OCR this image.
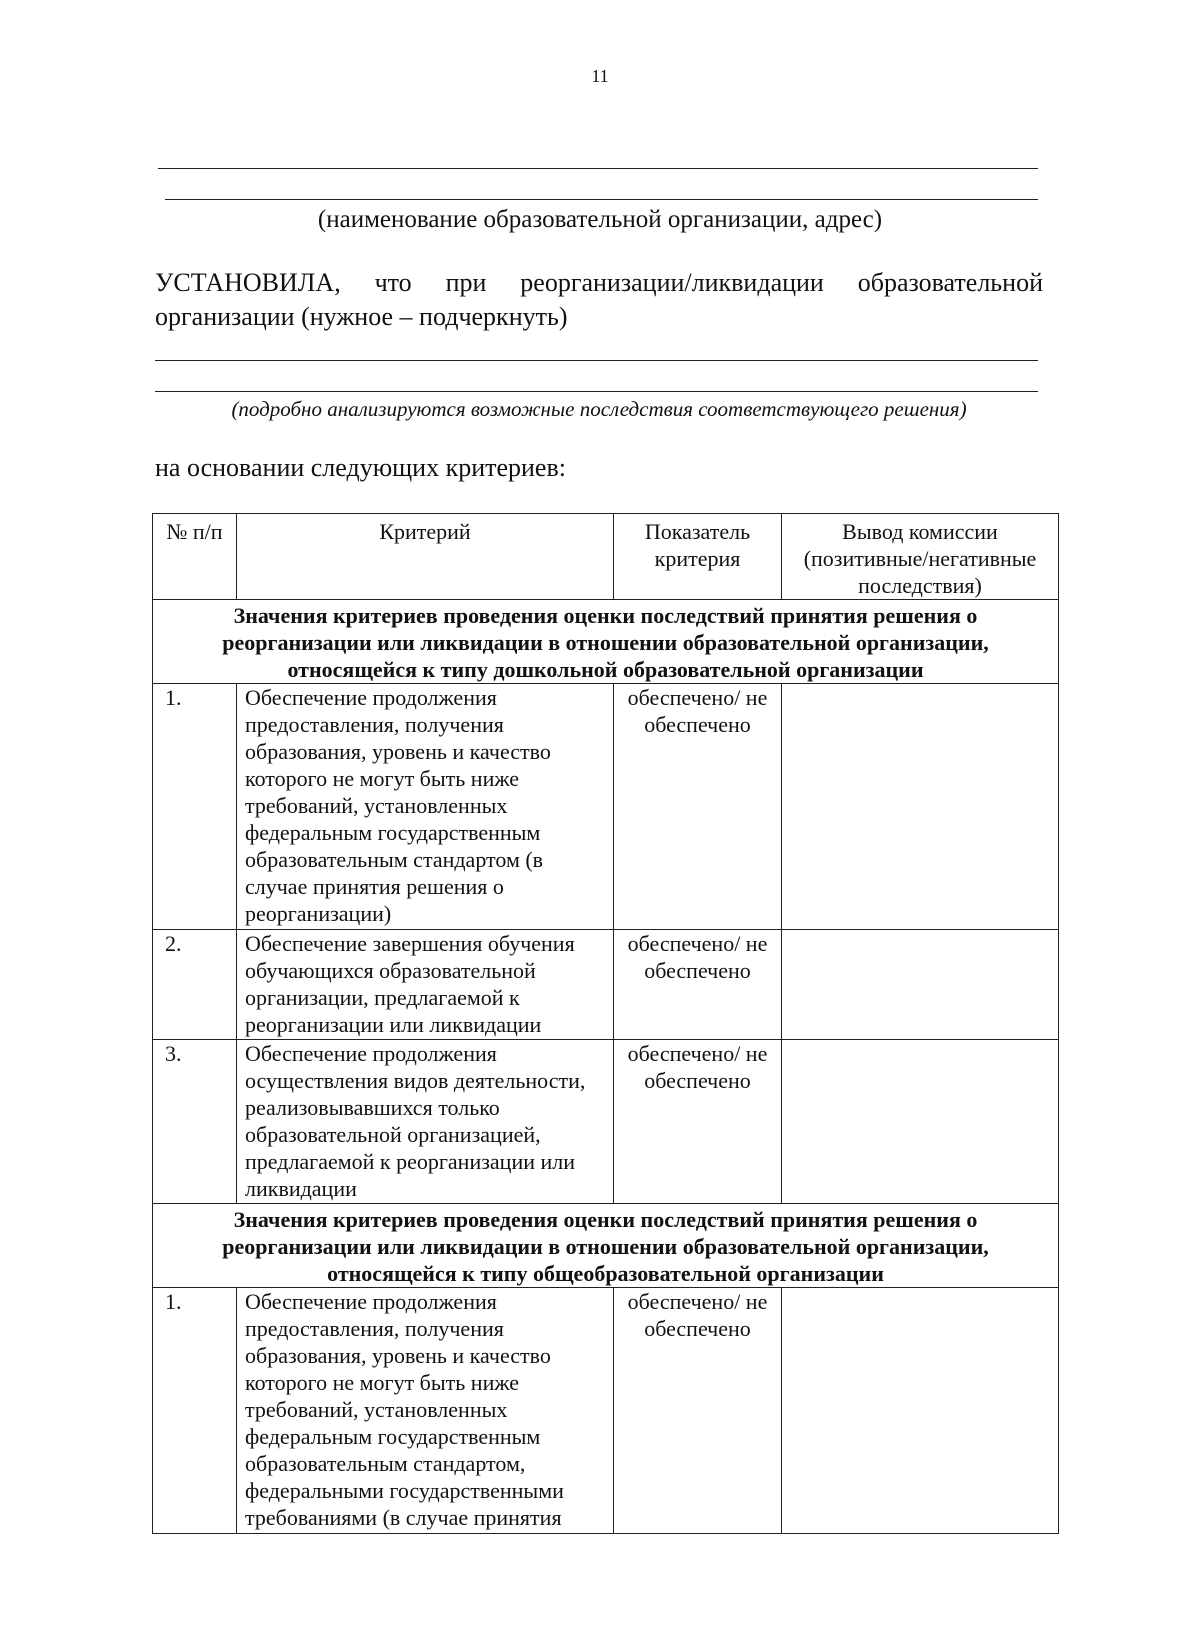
11
(наименование образовательной организации, адрес)
УСТАНОВИЛА, что при реорганизации/ликвидации образовательной организации (нужное – подчеркнуть)
(подробно анализируются возможные последствия соответствующего решения)
на основании следующих критериев:
№ п/п	Критерий	Показатель критерия	Вывод комиссии (позитивные/негативные последствия)
Значения критериев проведения оценки последствий принятия решения о реорганизации или ликвидации в отношении образовательной организации, относящейся к типу дошкольной образовательной организации			
1.	Обеспечение продолжения предоставления, получения образования, уровень и качество которого не могут быть ниже требований, установленных федеральным государственным образовательным стандартом (в случае принятия решения о реорганизации)	обеспечено/ не обеспечено	
2.	Обеспечение завершения обучения обучающихся образовательной организации, предлагаемой к реорганизации или ликвидации	обеспечено/ не обеспечено	
3.	Обеспечение продолжения осуществления видов деятельности, реализовывавшихся только образовательной организацией, предлагаемой к реорганизации или ликвидации	обеспечено/ не обеспечено	
Значения критериев проведения оценки последствий принятия решения о реорганизации или ликвидации в отношении образовательной организации, относящейся к типу общеобразовательной организации			
1.	Обеспечение продолжения предоставления, получения образования, уровень и качество которого не могут быть ниже требований, установленных федеральным государственным образовательным стандартом, федеральными государственными требованиями (в случае принятия	обеспечено/ не обеспечено	
